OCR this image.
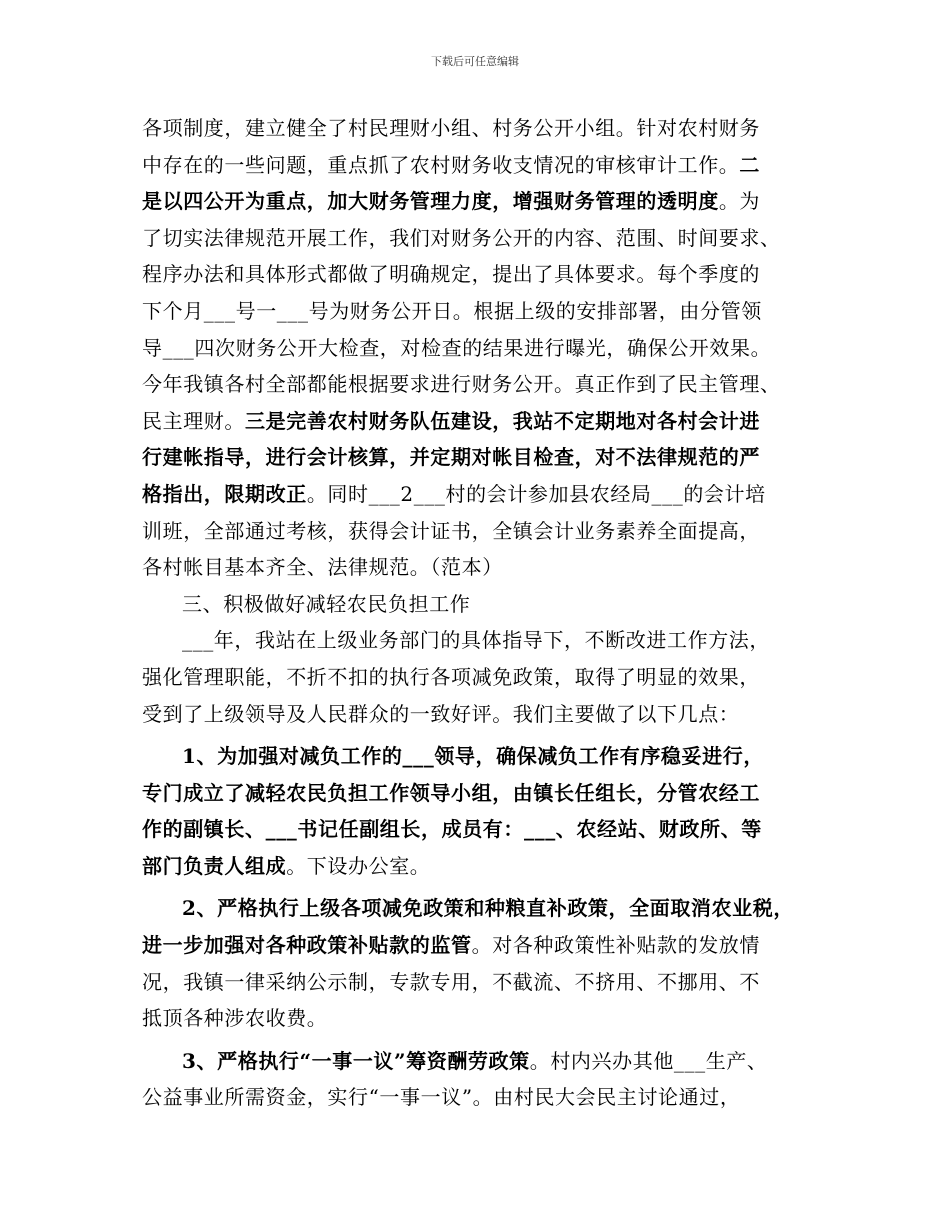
下载后可任意编辑
各项制度，建立健全了村民理财小组、村务公开小组。针对农村财务
中存在的一些问题，重点抓了农村财务收支情况的审核审计工作。二
是以四公开为重点，加大财务管理力度，增强财务管理的透明度。为
了切实法律规范开展工作，我们对财务公开的内容、范围、时间要求、
程序办法和具体形式都做了明确规定，提出了具体要求。每个季度的
下个月___号一___号为财务公开日。根据上级的安排部署，由分管领
导___四次财务公开大检查，对检查的结果进行曝光，确保公开效果。
今年我镇各村全部都能根据要求进行财务公开。真正作到了民主管理、
民主理财。三是完善农村财务队伍建设，我站不定期地对各村会计进
行建帐指导，进行会计核算，并定期对帐目检查，对不法律规范的严
格指出，限期改正。同时___2___村的会计参加县农经局___的会计培
训班，全部通过考核，获得会计证书，全镇会计业务素养全面提高，
各村帐目基本齐全、法律规范。（范本）
三、积极做好减轻农民负担工作
___年，我站在上级业务部门的具体指导下，不断改进工作方法，
强化管理职能，不折不扣的执行各项减免政策，取得了明显的效果，
受到了上级领导及人民群众的一致好评。我们主要做了以下几点：
1、为加强对减负工作的___领导，确保减负工作有序稳妥进行，
专门成立了减轻农民负担工作领导小组，由镇长任组长，分管农经工
作的副镇长、___书记任副组长，成员有：___、农经站、财政所、等
部门负责人组成。下设办公室。
2、严格执行上级各项减免政策和种粮直补政策，全面取消农业税，
进一步加强对各种政策补贴款的监管。对各种政策性补贴款的发放情
况，我镇一律采纳公示制，专款专用，不截流、不挤用、不挪用、不
抵顶各种涉农收费。
3、严格执行“一事一议”筹资酬劳政策。村内兴办其他___生产、
公益事业所需资金，实行“一事一议”。由村民大会民主讨论通过，
